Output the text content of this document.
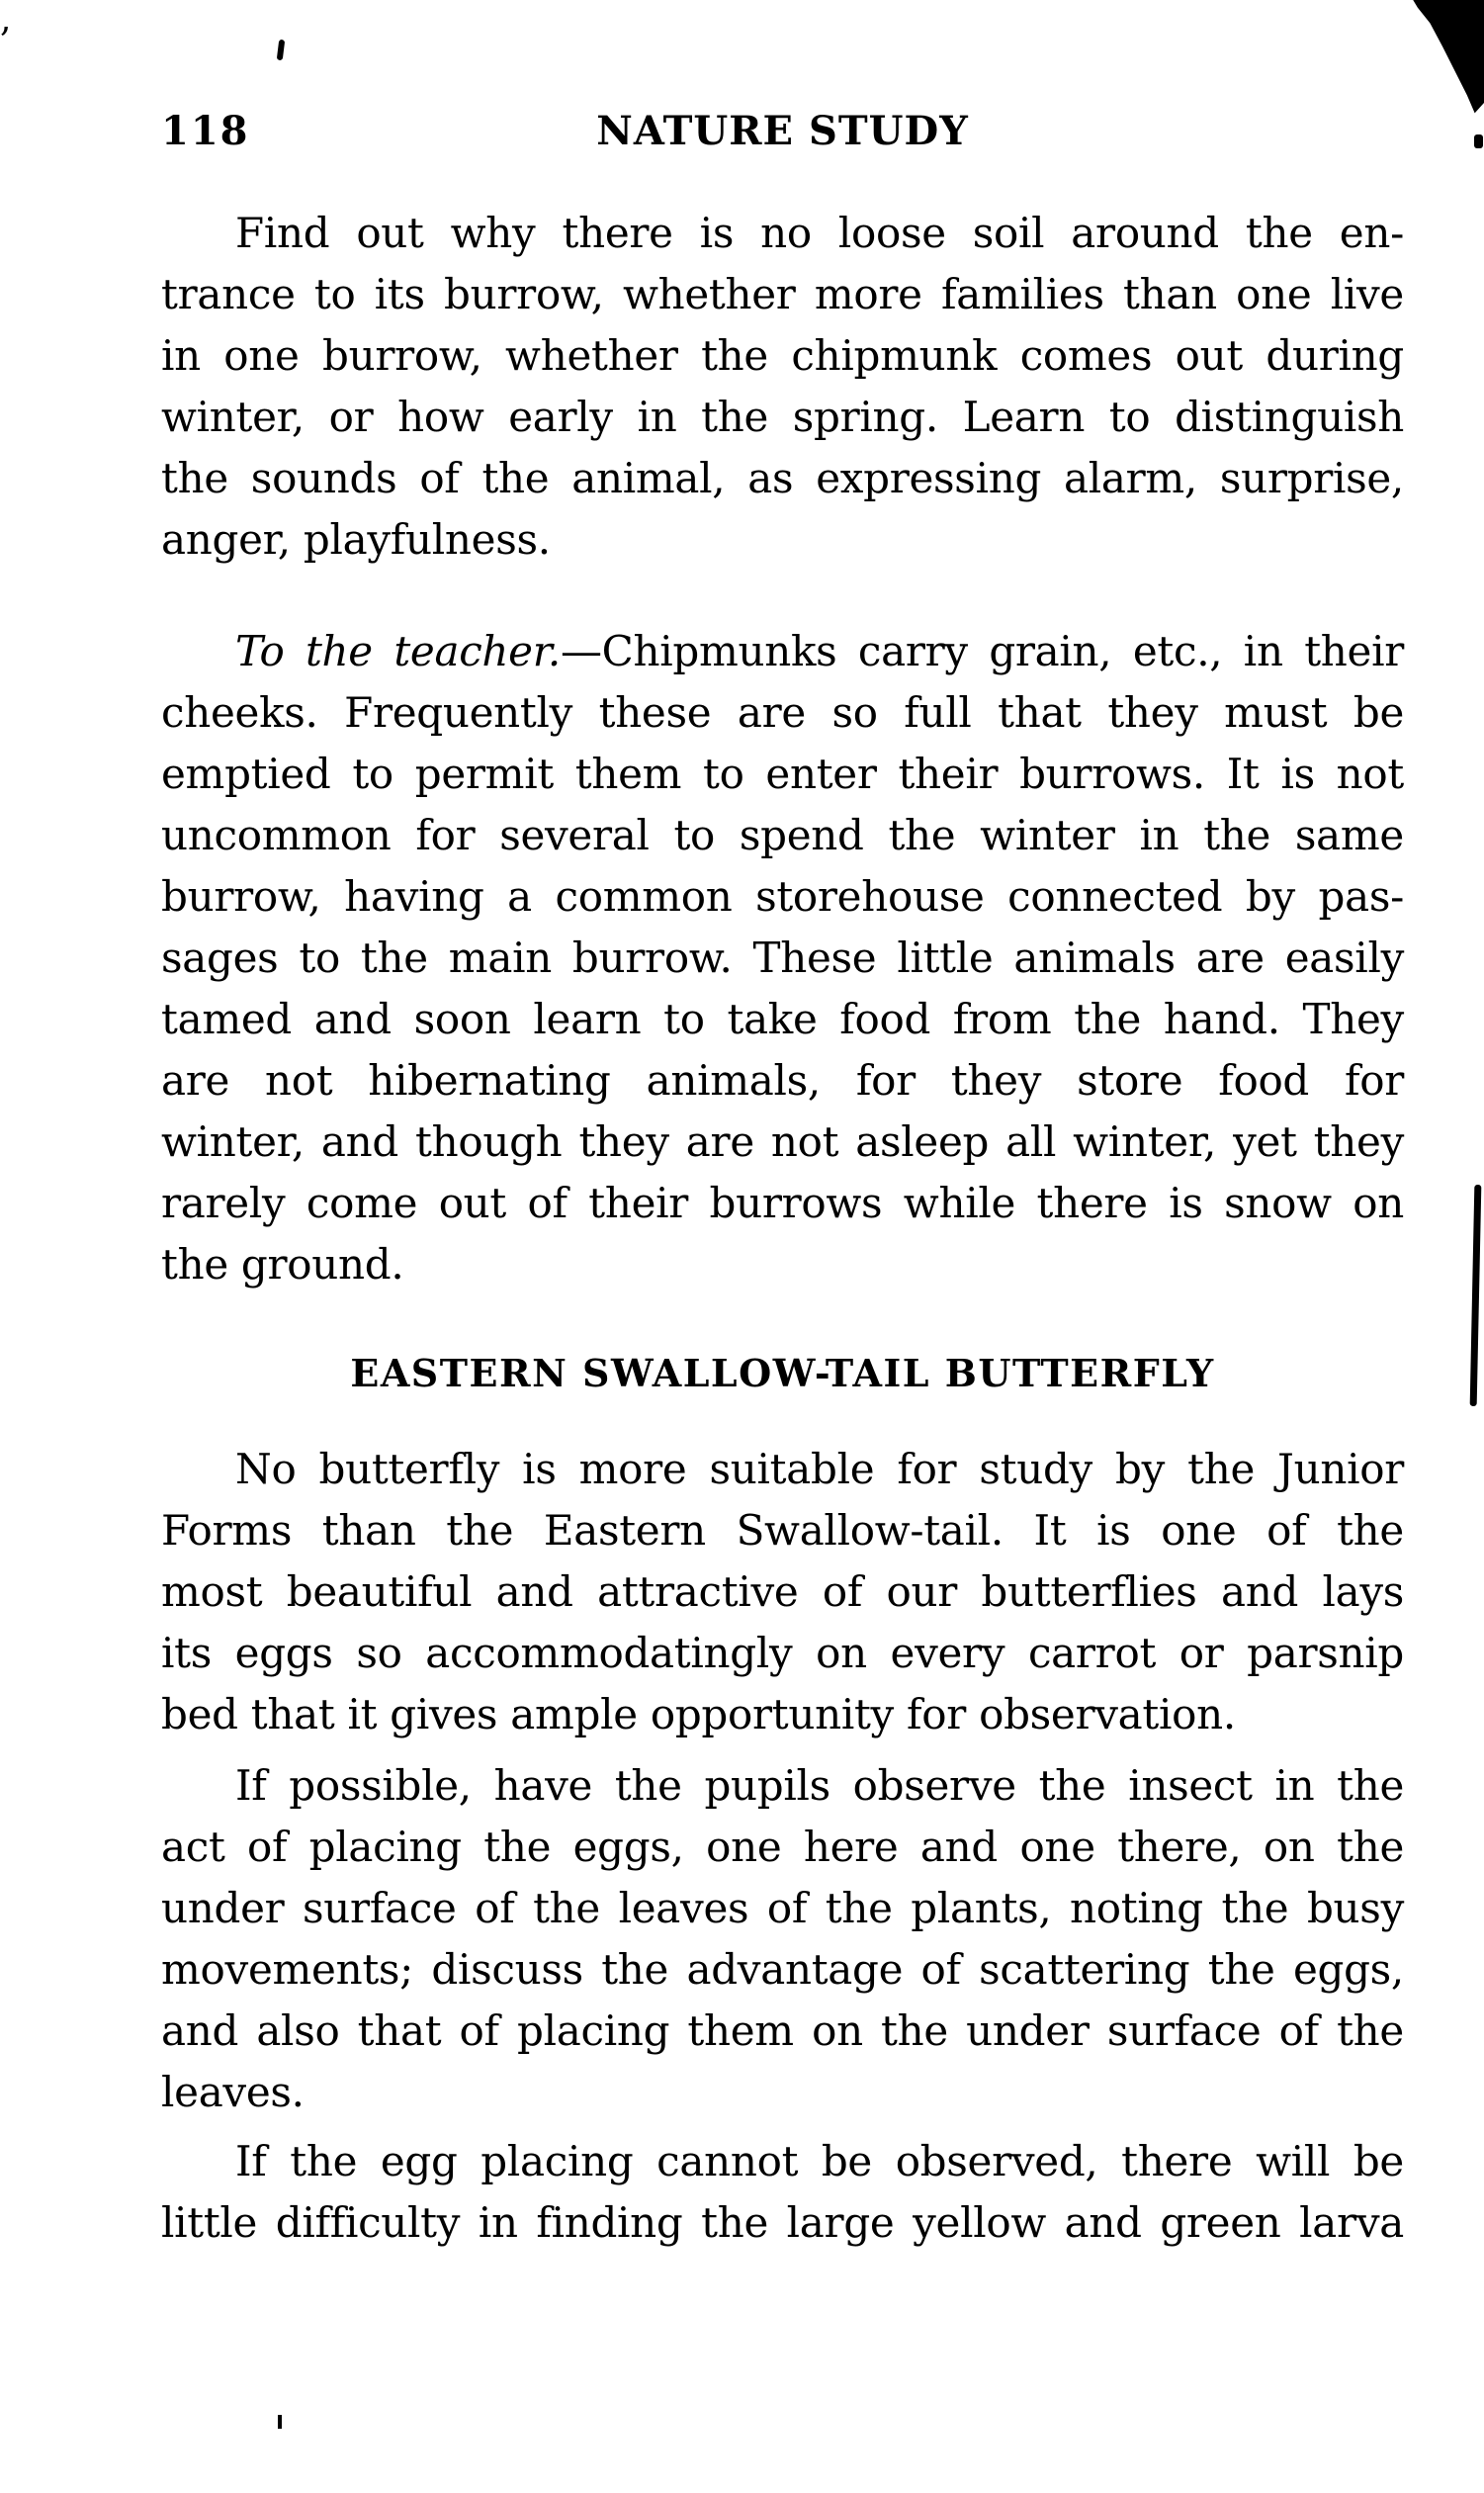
118	NATURE STUDY
Find out why there is no loose soil around the en-
trance to its burrow, whether more families than one live
in one burrow, whether the chipmunk comes out during
winter, or how early in the spring. Learn to distinguish
the sounds of the animal, as expressing alarm, surprise,
anger, playfulness.
To the teacher.—Chipmunks carry grain, etc., in their
cheeks. Frequently these are so full that they must be
emptied to permit them to enter their burrows. It is not
uncommon for several to spend the winter in the same
burrow, having a common storehouse connected by pas-
sages to the main burrow. These little animals are easily
tamed and soon learn to take food from the hand. They
are not hibernating animals, for they store food for
winter, and though they are not asleep all winter, yet they
rarely come out of their burrows while there is snow on
the ground.
EASTERN SWALLOW-TAIL BUTTERFLY
No butterfly is more suitable for study by the Junior
Forms than the Eastern Swallow-tail. It is one of the
most beautiful and attractive of our butterflies and lays
its eggs so accommodatingly on every carrot or parsnip
bed that it gives ample opportunity for observation.
If possible, have the pupils observe the insect in the
act of placing the eggs, one here and one there, on the
under surface of the leaves of the plants, noting the busy
movements; discuss the advantage of scattering the eggs,
and also that of placing them on the under surface of the
leaves.
If the egg placing cannot be observed, there will be
little difficulty in finding the large yellow and green larva
,
